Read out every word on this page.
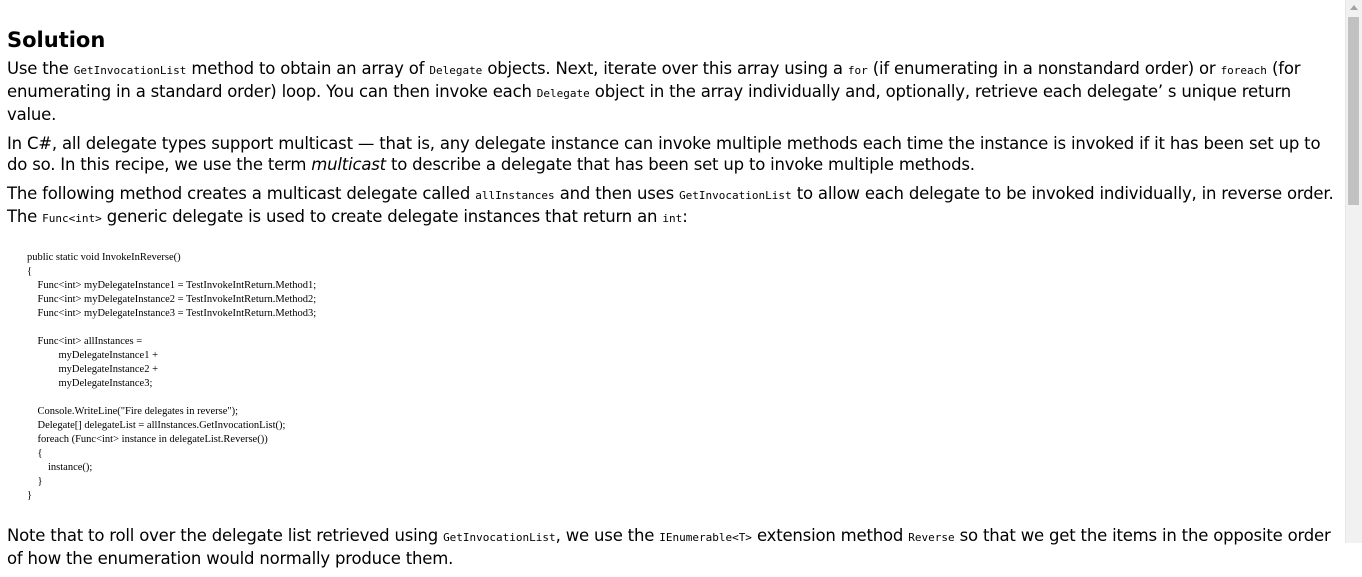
Solution

Use the GetInvocationList method to obtain an array of Delegate objects. Next, iterate over this array using a for (if enumerating in a nonstandard order) or foreach (for enumerating in a standard order) loop. You can then invoke each Delegate object in the array individually and, optionally, retrieve each delegate’ s unique return value.

In C#, all delegate types support multicast — that is, any delegate instance can invoke multiple methods each time the instance is invoked if it has been set up to do so. In this recipe, we use the term multicast to describe a delegate that has been set up to invoke multiple methods.

The following method creates a multicast delegate called allInstances and then uses GetInvocationList to allow each delegate to be invoked individually, in reverse order. The Func<int> generic delegate is used to create delegate instances that return an int:

public static void InvokeInReverse()
{
Func<int> myDelegateInstance1 = TestInvokeIntReturn.Method1;
Func<int> myDelegateInstance2 = TestInvokeIntReturn.Method2;
Func<int> myDelegateInstance3 = TestInvokeIntReturn.Method3;

Func<int> allInstances =
myDelegateInstance1 +
myDelegateInstance2 +
myDelegateInstance3;

Console.WriteLine("Fire delegates in reverse");
Delegate[] delegateList = allInstances.GetInvocationList();
foreach (Func<int> instance in delegateList.Reverse())
{
instance();
}
}

Note that to roll over the delegate list retrieved using GetInvocationList, we use the IEnumerable<T> extension method Reverse so that we get the items in the opposite order of how the enumeration would normally produce them.
